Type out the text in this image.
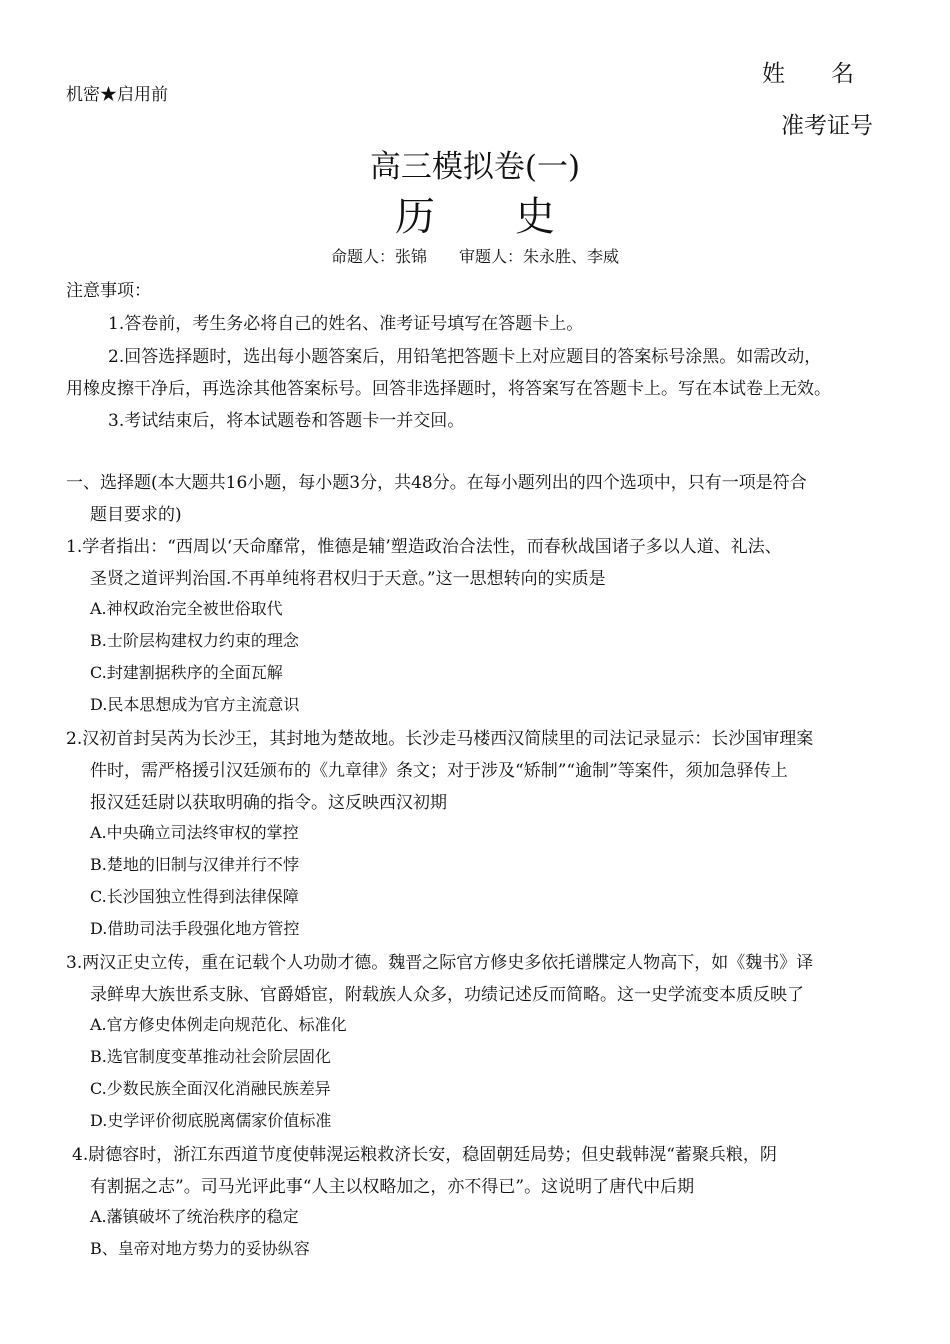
机密★启用前
姓　　名
准考证号
高三模拟卷(一)
历　　史
命题人：张锦　　审题人：朱永胜、李威
注意事项：
1.答卷前，考生务必将自己的姓名、准考证号填写在答题卡上。
2.回答选择题时，选出每小题答案后，用铅笔把答题卡上对应题目的答案标号涂黑。如需改动，
用橡皮擦干净后，再选涂其他答案标号。回答非选择题时，将答案写在答题卡上。写在本试卷上无效。
3.考试结束后，将本试题卷和答题卡一并交回。
一、选择题(本大题共16小题，每小题3分，共48分。在每小题列出的四个选项中，只有一项是符合
题目要求的)
1.学者指出：“西周以‘天命靡常，惟德是辅’塑造政治合法性，而春秋战国诸子多以人道、礼法、
圣贤之道评判治国.不再单纯将君权归于天意。”这一思想转向的实质是
A.神权政治完全被世俗取代
B.士阶层构建权力约束的理念
C.封建割据秩序的全面瓦解
D.民本思想成为官方主流意识
2.汉初首封吴芮为长沙王，其封地为楚故地。长沙走马楼西汉简牍里的司法记录显示：长沙国审理案
件时，需严格援引汉廷颁布的《九章律》条文；对于涉及“矫制”“逾制”等案件，须加急驿传上
报汉廷廷尉以获取明确的指令。这反映西汉初期
A.中央确立司法终审权的掌控
B.楚地的旧制与汉律并行不悖
C.长沙国独立性得到法律保障
D.借助司法手段强化地方管控
3.两汉正史立传，重在记载个人功勋才德。魏晋之际官方修史多依托谱牒定人物高下，如《魏书》译
录鲜卑大族世系支脉、官爵婚宦，附载族人众多，功绩记述反而简略。这一史学流变本质反映了
A.官方修史体例走向规范化、标准化
B.选官制度变革推动社会阶层固化
C.少数民族全面汉化消融民族差异
D.史学评价彻底脱离儒家价值标准
4.尉德容时，浙江东西道节度使韩滉运粮救济长安，稳固朝廷局势；但史载韩滉“蓄聚兵粮，阴
有割据之志”。司马光评此事“人主以权略加之，亦不得已”。这说明了唐代中后期
A.藩镇破坏了统治秩序的稳定
B、皇帝对地方势力的妥协纵容
